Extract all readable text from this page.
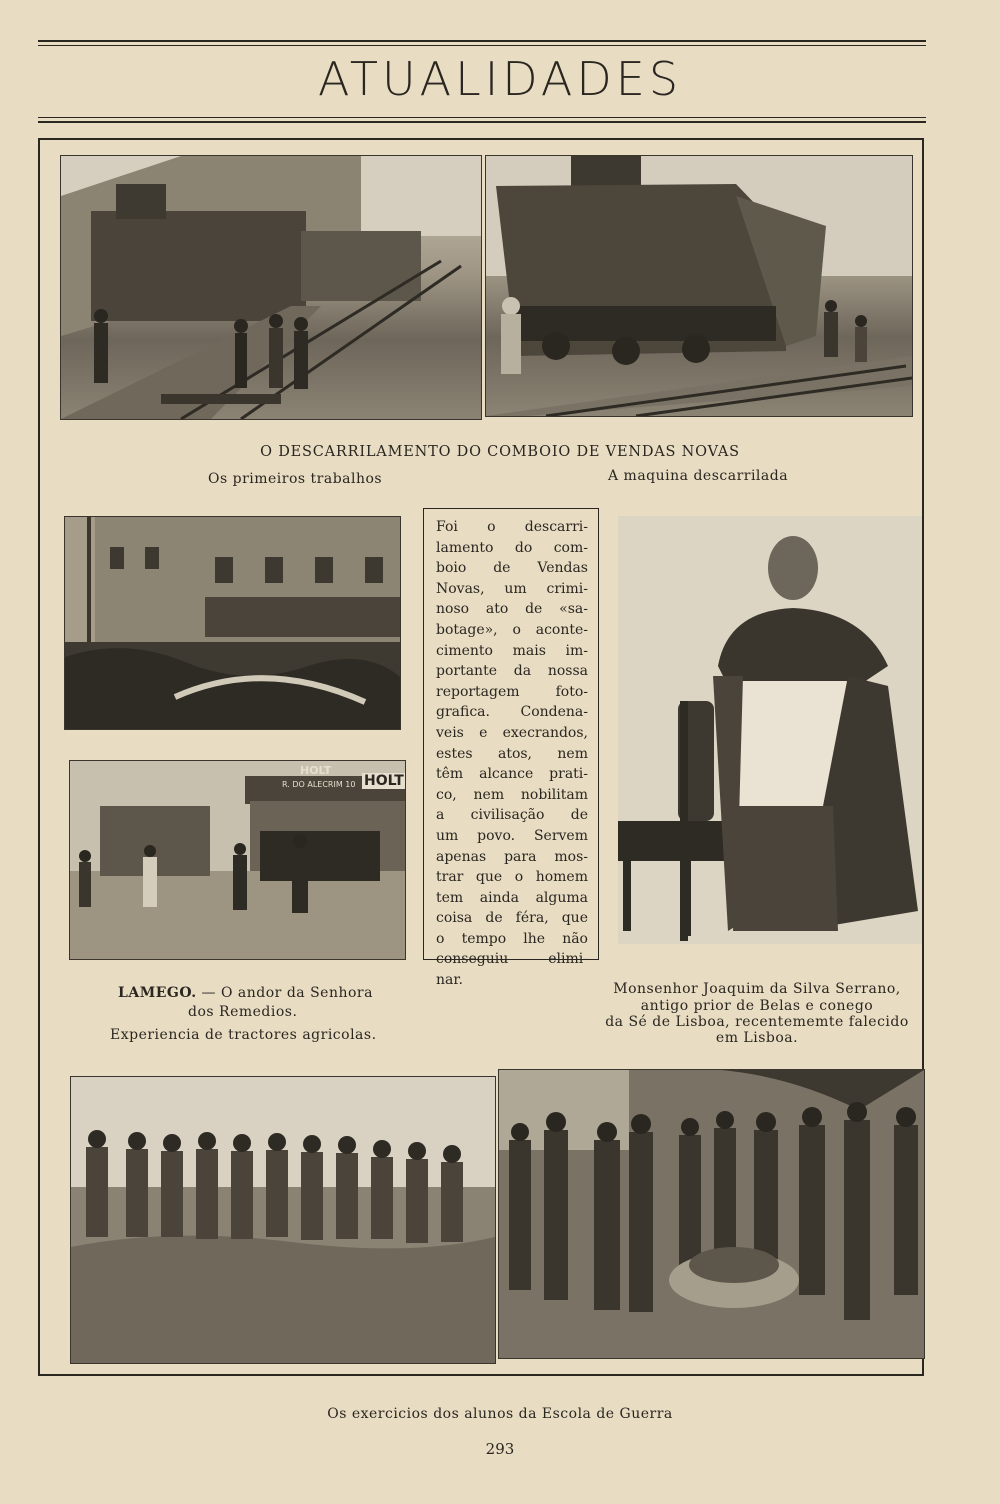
ATUALIDADES
O DESCARRILAMENTO DO COMBOIO DE VENDAS NOVAS
Os primeiros trabalhos	A maquina descarrilada
HOLT
R. DO ALECRIM 10 HOLT
LAMEGO. — O andor da Senhora
dos Remedios.
Experiencia de tractores agricolas.
Foi o descarri-
lamento do com-
boio de Vendas
Novas, um crimi-
noso ato de «sa-
botage», o aconte-
cimento mais im-
portante da nossa
reportagem foto-
grafica. Condena-
veis e execrandos,
estes atos, nem
têm alcance prati-
co, nem nobilitam
a civilisação de
um povo. Servem
apenas para mos-
trar que o homem
tem ainda alguma
coisa de féra, que
o tempo lhe não
conseguiu elimi-
nar.
Monsenhor Joaquim da Silva Serrano,
antigo prior de Belas e conego
da Sé de Lisboa, recentememte falecido
em Lisboa.
Os exercicios dos alunos da Escola de Guerra
293
